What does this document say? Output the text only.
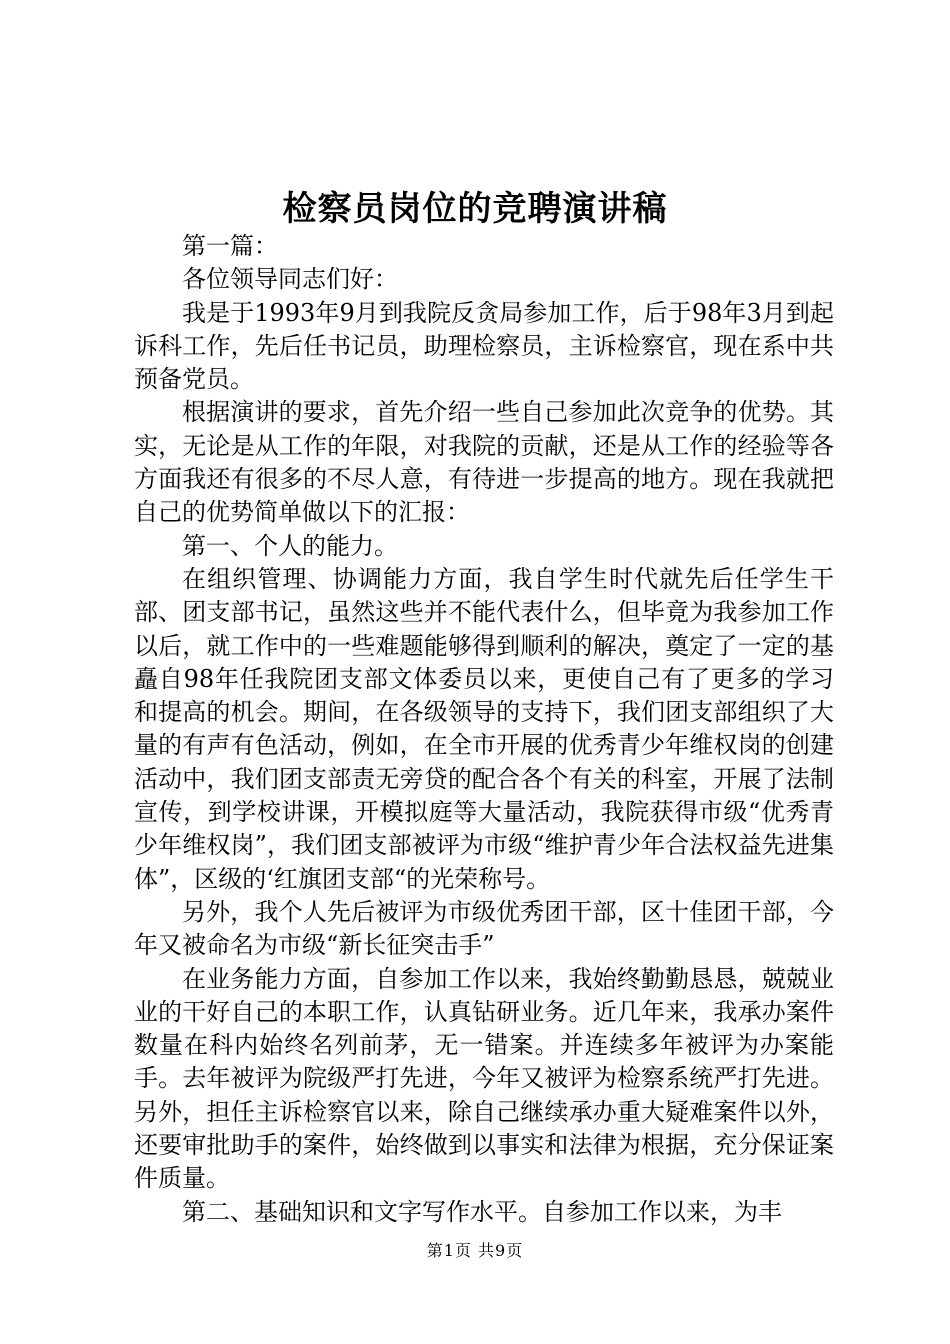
检察员岗位的竞聘演讲稿

第一篇：

各位领导同志们好：

我是于1993年9月到我院反贪局参加工作，后于98年3月到起诉科工作，先后任书记员，助理检察员，主诉检察官，现在系中共预备党员。

根据演讲的要求，首先介绍一些自己参加此次竞争的优势。其实，无论是从工作的年限，对我院的贡献，还是从工作的经验等各方面我还有很多的不尽人意，有待进一步提高的地方。现在我就把自己的优势简单做以下的汇报：

第一、个人的能力。

在组织管理、协调能力方面，我自学生时代就先后任学生干部、团支部书记，虽然这些并不能代表什么，但毕竟为我参加工作以后，就工作中的一些难题能够得到顺利的解决，奠定了一定的基矗自98年任我院团支部文体委员以来，更使自己有了更多的学习和提高的机会。期间，在各级领导的支持下，我们团支部组织了大量的有声有色活动，例如，在全市开展的优秀青少年维权岗的创建活动中，我们团支部责无旁贷的配合各个有关的科室，开展了法制宣传，到学校讲课，开模拟庭等大量活动，我院获得市级“优秀青少年维权岗”，我们团支部被评为市级“维护青少年合法权益先进集体”，区级的‘红旗团支部“的光荣称号。

另外，我个人先后被评为市级优秀团干部，区十佳团干部，今年又被命名为市级“新长征突击手”

在业务能力方面，自参加工作以来，我始终勤勤恳恳，兢兢业业的干好自己的本职工作，认真钻研业务。近几年来，我承办案件数量在科内始终名列前茅，无一错案。并连续多年被评为办案能手。去年被评为院级严打先进，今年又被评为检察系统严打先进。另外，担任主诉检察官以来，除自己继续承办重大疑难案件以外，还要审批助手的案件，始终做到以事实和法律为根据，充分保证案件质量。

第二、基础知识和文字写作水平。自参加工作以来，为丰

第1页 共9页
